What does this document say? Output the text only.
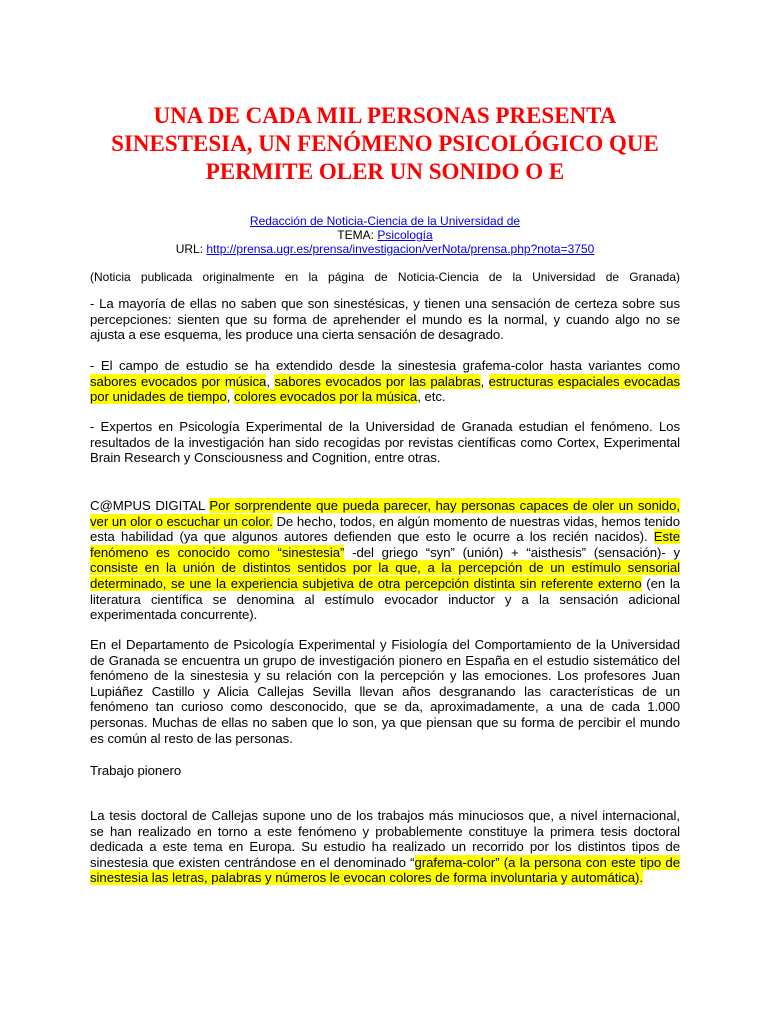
UNA DE CADA MIL PERSONAS PRESENTA SINESTESIA, UN FENÓMENO PSICOLÓGICO QUE PERMITE OLER UN SONIDO O E
Redacción de Noticia-Ciencia de la Universidad de
TEMA: Psicología
URL: http://prensa.ugr.es/prensa/investigacion/verNota/prensa.php?nota=3750
(Noticia publicada originalmente en la página de Noticia-Ciencia de la Universidad de Granada)

- La mayoría de ellas no saben que son sinestésicas, y tienen una sensación de certeza sobre sus percepciones: sienten que su forma de aprehender el mundo es la normal, y cuando algo no se ajusta a ese esquema, les produce una cierta sensación de desagrado.

- El campo de estudio se ha extendido desde la sinestesia grafema-color hasta variantes como sabores evocados por música, sabores evocados por las palabras, estructuras espaciales evocadas por unidades de tiempo, colores evocados por la música, etc.

- Expertos en Psicología Experimental de la Universidad de Granada estudian el fenómeno. Los resultados de la investigación han sido recogidas por revistas científicas como Cortex, Experimental Brain Research y Consciousness and Cognition, entre otras.

C@MPUS DIGITAL Por sorprendente que pueda parecer, hay personas capaces de oler un sonido, ver un olor o escuchar un color. De hecho, todos, en algún momento de nuestras vidas, hemos tenido esta habilidad (ya que algunos autores defienden que esto le ocurre a los recién nacidos). Este fenómeno es conocido como “sinestesia” -del griego “syn” (unión) + “aisthesis” (sensación)- y consiste en la unión de distintos sentidos por la que, a la percepción de un estímulo sensorial determinado, se une la experiencia subjetiva de otra percepción distinta sin referente externo (en la literatura científica se denomina al estímulo evocador inductor y a la sensación adicional experimentada concurrente).

En el Departamento de Psicología Experimental y Fisiología del Comportamiento de la Universidad de Granada se encuentra un grupo de investigación pionero en España en el estudio sistemático del fenómeno de la sinestesia y su relación con la percepción y las emociones. Los profesores Juan Lupiáñez Castillo y Alicia Callejas Sevilla llevan años desgranando las características de un fenómeno tan curioso como desconocido, que se da, aproximadamente, a una de cada 1.000 personas. Muchas de ellas no saben que lo son, ya que piensan que su forma de percibir el mundo es común al resto de las personas.

Trabajo pionero

La tesis doctoral de Callejas supone uno de los trabajos más minuciosos que, a nivel internacional, se han realizado en torno a este fenómeno y probablemente constituye la primera tesis doctoral dedicada a este tema en Europa. Su estudio ha realizado un recorrido por los distintos tipos de sinestesia que existen centrándose en el denominado “grafema-color” (a la persona con este tipo de sinestesia las letras, palabras y números le evocan colores de forma involuntaria y automática).
